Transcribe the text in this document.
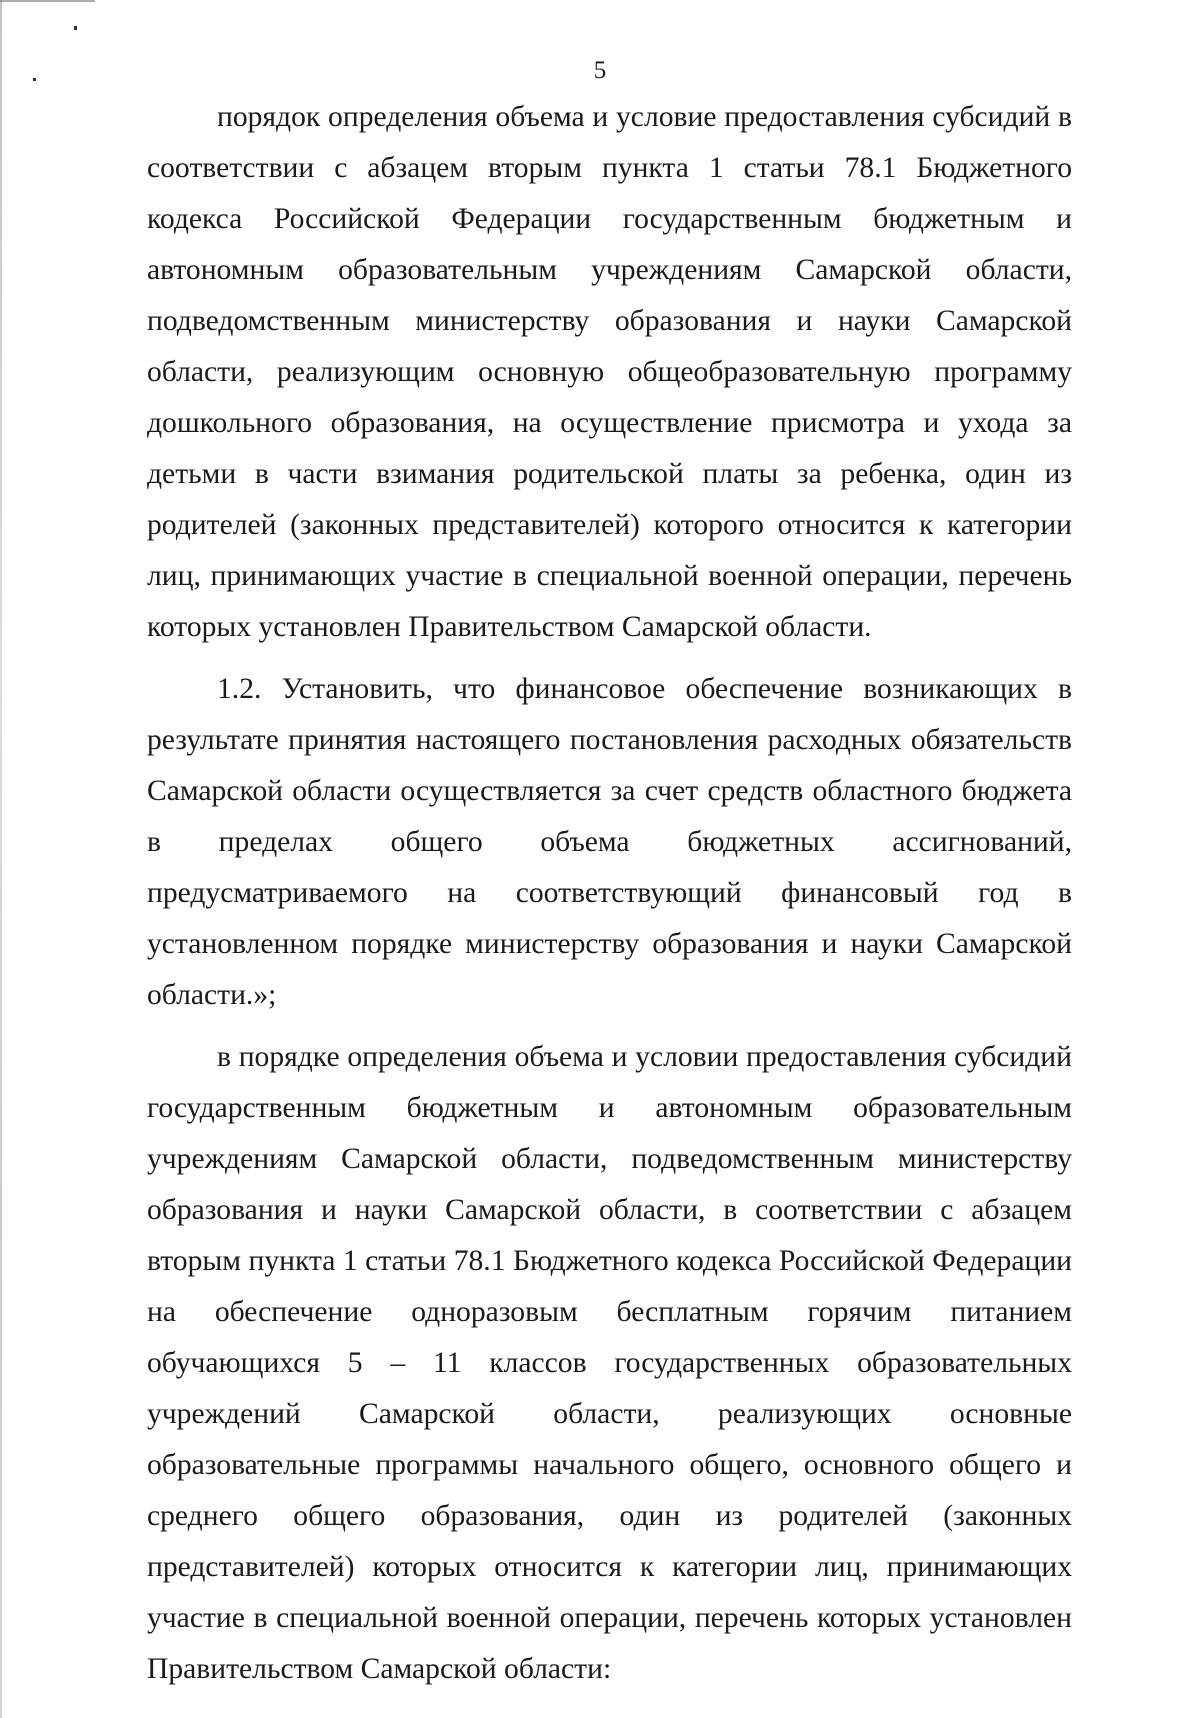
5

порядок определения объема и условие предоставления субсидий в соответствии с абзацем вторым пункта 1 статьи 78.1 Бюджетного кодекса Российской Федерации государственным бюджетным и автономным образовательным учреждениям Самарской области, подведомственным министерству образования и науки Самарской области, реализующим основную общеобразовательную программу дошкольного образования, на осуществление присмотра и ухода за детьми в части взимания родительской платы за ребенка, один из родителей (законных представителей) которого относится к категории лиц, принимающих участие в специальной военной операции, перечень которых установлен Правительством Самарской области.

1.2. Установить, что финансовое обеспечение возникающих в результате принятия настоящего постановления расходных обязательств Самарской области осуществляется за счет средств областного бюджета в пределах общего объема бюджетных ассигнований, предусматриваемого на соответствующий финансовый год в установленном порядке министерству образования и науки Самарской области.»;

в порядке определения объема и условии предоставления субсидий государственным бюджетным и автономным образовательным учреждениям Самарской области, подведомственным министерству образования и науки Самарской области, в соответствии с абзацем вторым пункта 1 статьи 78.1 Бюджетного кодекса Российской Федерации на обеспечение одноразовым бесплатным горячим питанием обучающихся 5 – 11 классов государственных образовательных учреждений Самарской области, реализующих основные образовательные программы начального общего, основного общего и среднего общего образования, один из родителей (законных представителей) которых относится к категории лиц, принимающих участие в специальной военной операции, перечень которых установлен Правительством Самарской области:
